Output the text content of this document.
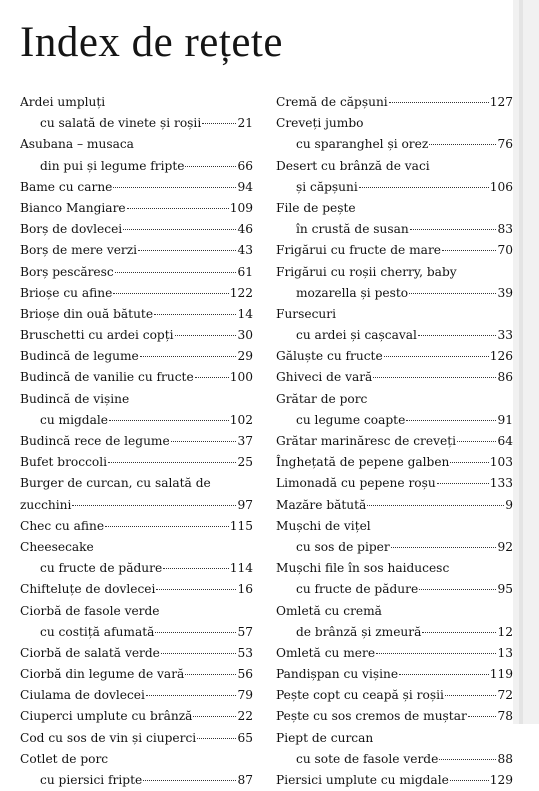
Index de rețete
Ardei umpluți
cu salată de vinete și roșii	21
Asubana – musaca
din pui și legume fripte	66
Bame cu carne	94
Bianco Mangiare	109
Borș de dovlecei	46
Borș de mere verzi	43
Borș pescăresc	61
Brioșe cu afine	122
Brioșe din ouă bătute	14
Bruschetti cu ardei copți	30
Budincă de legume	29
Budincă de vanilie cu fructe	100
Budincă de vișine
cu migdale	102
Budincă rece de legume	37
Bufet broccoli	25
Burger de curcan, cu salată de
zucchini	97
Chec cu afine	115
Cheesecake
cu fructe de pădure	114
Chifteluțe de dovlecei	16
Ciorbă de fasole verde
cu costiță afumată	57
Ciorbă de salată verde	53
Ciorbă din legume de vară	56
Ciulama de dovlecei	79
Ciuperci umplute cu brânză	22
Cod cu sos de vin și ciuperci	65
Cotlet de porc
cu piersici fripte	87
Cremă de căpșuni	127
Creveți jumbo
cu sparanghel și orez	76
Desert cu brânză de vaci
și căpșuni	106
File de pește
în crustă de susan	83
Frigărui cu fructe de mare	70
Frigărui cu roșii cherry, baby
mozarella și pesto	39
Fursecuri
cu ardei și cașcaval	33
Găluște cu fructe	126
Ghiveci de vară	86
Grătar de porc
cu legume coapte	91
Grătar marinăresc de creveți	64
Înghețată de pepene galben	103
Limonadă cu pepene roșu	133
Mazăre bătută	9
Mușchi de vițel
cu sos de piper	92
Mușchi file în sos haiducesc
cu fructe de pădure	95
Omletă cu cremă
de brânză și zmeură	12
Omletă cu mere	13
Pandișpan cu vișine	119
Pește copt cu ceapă și roșii	72
Pește cu sos cremos de muștar	78
Piept de curcan
cu sote de fasole verde	88
Piersici umplute cu migdale	129
